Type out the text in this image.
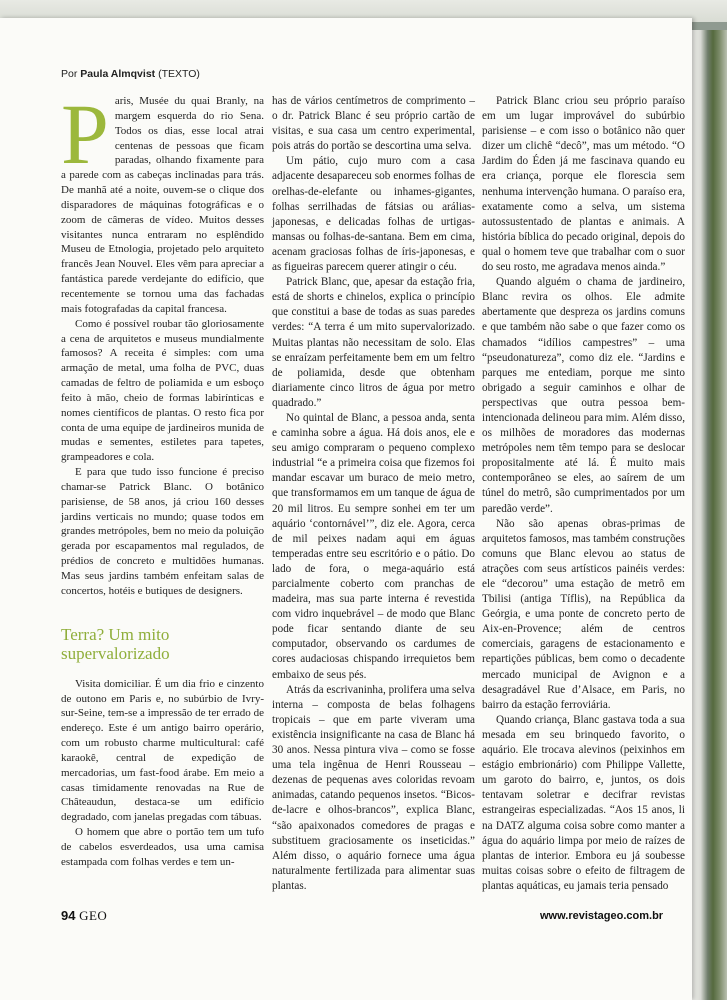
Por Paula Almqvist (TEXTO)

Paris, Musée du quai Branly, na margem esquerda do rio Sena. Todos os dias, esse local atrai centenas de pessoas que ficam paradas, olhando fixamente para a parede com as cabeças inclinadas para trás. De manhã até a noite, ouvem-se o clique dos disparadores de máquinas fotográficas e o zoom de câmeras de vídeo. Muitos desses visitantes nunca entraram no esplêndido Museu de Etnologia, projetado pelo arquiteto francês Jean Nouvel. Eles vêm para apreciar a fantástica parede verdejante do edifício, que recentemente se tornou uma das fachadas mais fotografadas da capital francesa.

Como é possível roubar tão gloriosamente a cena de arquitetos e museus mundialmente famosos? A receita é simples: com uma armação de metal, uma folha de PVC, duas camadas de feltro de poliamida e um esboço feito à mão, cheio de formas labirínticas e nomes científicos de plantas. O resto fica por conta de uma equipe de jardineiros munida de mudas e sementes, estiletes para tapetes, grampeadores e cola.

E para que tudo isso funcione é preciso chamar-se Patrick Blanc. O botânico parisiense, de 58 anos, já criou 160 desses jardins verticais no mundo; quase todos em grandes metrópoles, bem no meio da poluição gerada por escapamentos mal regulados, de prédios de concreto e multidões humanas. Mas seus jardins também enfeitam salas de concertos, hotéis e butiques de designers.

Terra? Um mito supervalorizado

Visita domiciliar. É um dia frio e cinzento de outono em Paris e, no subúrbio de Ivry-sur-Seine, tem-se a impressão de ter errado de endereço. Este é um antigo bairro operário, com um robusto charme multicultural: café karaokê, central de expedição de mercadorias, um fast-food árabe. Em meio a casas timidamente renovadas na Rue de Châteaudun, destaca-se um edifício degradado, com janelas pregadas com tábuas.

O homem que abre o portão tem um tufo de cabelos esverdeados, usa uma camisa estampada com folhas verdes e tem un-

has de vários centímetros de comprimento – o dr. Patrick Blanc é seu próprio cartão de visitas, e sua casa um centro experimental, pois atrás do portão se descortina uma selva.

Um pátio, cujo muro com a casa adjacente desapareceu sob enormes folhas de orelhas-de-elefante ou inhames-gigantes, folhas serrilhadas de fátsias ou arálias-japonesas, e delicadas folhas de urtigas-mansas ou folhas-de-santana. Bem em cima, acenam graciosas folhas de íris-japonesas, e as figueiras parecem querer atingir o céu.

Patrick Blanc, que, apesar da estação fria, está de shorts e chinelos, explica o princípio que constitui a base de todas as suas paredes verdes: “A terra é um mito supervalorizado. Muitas plantas não necessitam de solo. Elas se enraízam perfeitamente bem em um feltro de poliamida, desde que obtenham diariamente cinco litros de água por metro quadrado.”

No quintal de Blanc, a pessoa anda, senta e caminha sobre a água. Há dois anos, ele e seu amigo compraram o pequeno complexo industrial “e a primeira coisa que fizemos foi mandar escavar um buraco de meio metro, que transformamos em um tanque de água de 20 mil litros. Eu sempre sonhei em ter um aquário ‘contornável’”, diz ele. Agora, cerca de mil peixes nadam aqui em águas temperadas entre seu escritório e o pátio. Do lado de fora, o mega-aquário está parcialmente coberto com pranchas de madeira, mas sua parte interna é revestida com vidro inquebrável – de modo que Blanc pode ficar sentando diante de seu computador, observando os cardumes de cores audaciosas chispando irrequietos bem embaixo de seus pés.

Atrás da escrivaninha, prolifera uma selva interna – composta de belas folhagens tropicais – que em parte viveram uma existência insignificante na casa de Blanc há 30 anos. Nessa pintura viva – como se fosse uma tela ingênua de Henri Rousseau – dezenas de pequenas aves coloridas revoam animadas, catando pequenos insetos. “Bicos-de-lacre e olhos-brancos”, explica Blanc, “são apaixonados comedores de pragas e substituem graciosamente os inseticidas.” Além disso, o aquário fornece uma água naturalmente fertilizada para alimentar suas plantas.

Patrick Blanc criou seu próprio paraíso em um lugar improvável do subúrbio parisiense – e com isso o botânico não quer dizer um clichê “decô”, mas um método. “O Jardim do Éden já me fascinava quando eu era criança, porque ele florescia sem nenhuma intervenção humana. O paraíso era, exatamente como a selva, um sistema autossustentado de plantas e animais. A história bíblica do pecado original, depois do qual o homem teve que trabalhar com o suor do seu rosto, me agradava menos ainda.”

Quando alguém o chama de jardineiro, Blanc revira os olhos. Ele admite abertamente que despreza os jardins comuns e que também não sabe o que fazer como os chamados “idílios campestres” – uma “pseudonatureza”, como diz ele. “Jardins e parques me entediam, porque me sinto obrigado a seguir caminhos e olhar de perspectivas que outra pessoa bem-intencionada delineou para mim. Além disso, os milhões de moradores das modernas metrópoles nem têm tempo para se deslocar propositalmente até lá. É muito mais contemporâneo se eles, ao saírem de um túnel do metrô, são cumprimentados por um paredão verde”.

Não são apenas obras-primas de arquitetos famosos, mas também construções comuns que Blanc elevou ao status de atrações com seus artísticos painéis verdes: ele “decorou” uma estação de metrô em Tbilisi (antiga Tíflis), na República da Geórgia, e uma ponte de concreto perto de Aix-en-Provence; além de centros comerciais, garagens de estacionamento e repartições públicas, bem como o decadente mercado municipal de Avignon e a desagradável Rue d’Alsace, em Paris, no bairro da estação ferroviária.

Quando criança, Blanc gastava toda a sua mesada em seu brinquedo favorito, o aquário. Ele trocava alevinos (peixinhos em estágio embrionário) com Philippe Vallette, um garoto do bairro, e, juntos, os dois tentavam soletrar e decifrar revistas estrangeiras especializadas. “Aos 15 anos, li na DATZ alguma coisa sobre como manter a água do aquário limpa por meio de raízes de plantas de interior. Embora eu já soubesse muitas coisas sobre o efeito de filtragem de plantas aquáticas, eu jamais teria pensado

94 GEO	www.revistageo.com.br
